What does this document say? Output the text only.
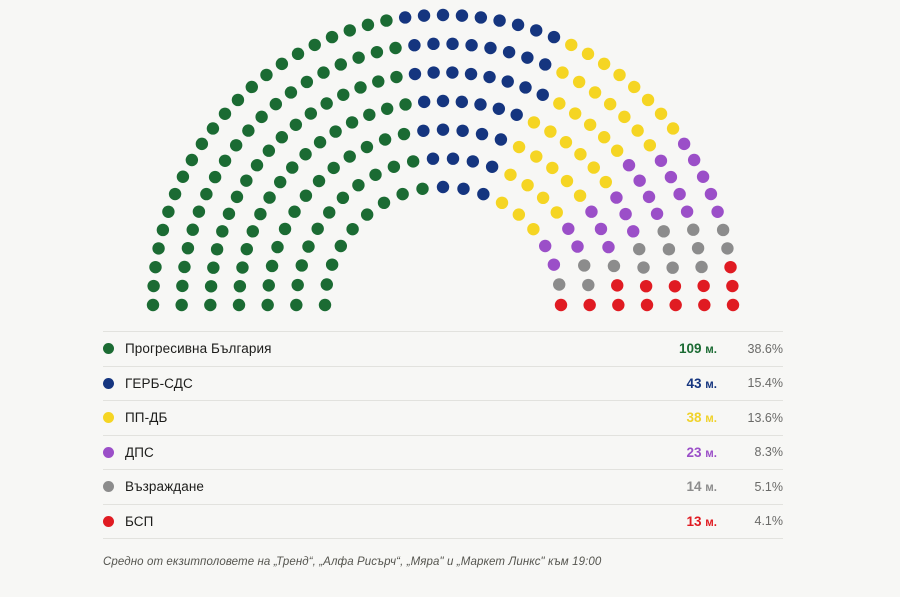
Прогресивна България	109 м.	38.6%
ГЕРБ-СДС	43 м.	15.4%
ПП-ДБ	38 м.	13.6%
ДПС	23 м.	8.3%
Възраждане	14 м.	5.1%
БСП	13 м.	4.1%
Средно от екзитполовете на „Тренд“, „Алфа Рисърч“, „Мяра" и „Маркет Линкс" към 19:00
